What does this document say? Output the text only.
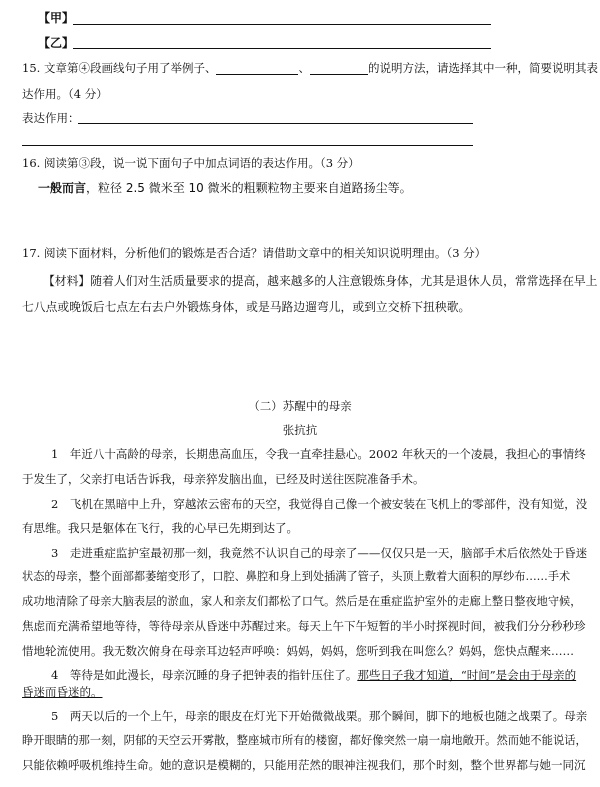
【甲】
【乙】
15. 文章第④段画线句子用了举例子、	、	的说明方法，请选择其中一种，简要说明其表
达作用。（4 分）
表达作用：
16. 阅读第③段，说一说下面句子中加点词语的表达作用。（3 分）
一般而言，粒径 2.5 微米至 10 微米的粗颗粒物主要来自道路扬尘等。
17. 阅读下面材料，分析他们的锻炼是否合适？请借助文章中的相关知识说明理由。（3 分）
【材料】随着人们对生活质量要求的提高，越来越多的人注意锻炼身体，尤其是退休人员，常常选择在早上
七八点或晚饭后七点左右去户外锻炼身体，或是马路边遛弯儿，或到立交桥下扭秧歌。
（二）苏醒中的母亲
张抗抗
1　年近八十高龄的母亲，长期患高血压，令我一直牵挂悬心。2002 年秋天的一个凌晨，我担心的事情终
于发生了，父亲打电话告诉我，母亲猝发脑出血，已经及时送往医院准备手术。
2　飞机在黑暗中上升，穿越浓云密布的天空，我觉得自己像一个被安装在飞机上的零部件，没有知觉，没
有思维。我只是躯体在飞行，我的心早已先期到达了。
3　走进重症监护室最初那一刻，我竟然不认识自己的母亲了——仅仅只是一天，脑部手术后依然处于昏迷
状态的母亲，整个面部都萎缩变形了，口腔、鼻腔和身上到处插满了管子，头顶上敷着大面积的厚纱布……手术
成功地清除了母亲大脑表层的淤血，家人和亲友们都松了口气。然后是在重症监护室外的走廊上整日整夜地守候，
焦虑而充满希望地等待，等待母亲从昏迷中苏醒过来。每天上午下午短暂的半小时探视时间，被我们分分秒秒珍
惜地轮流使用。我无数次俯身在母亲耳边轻声呼唤：妈妈，妈妈，您听到我在叫您么？妈妈，您快点醒来……
4　等待是如此漫长，母亲沉睡的身子把钟表的指针压住了。那些日子我才知道，“时间”是会由于母亲的
昏迷而昏迷的。
5　两天以后的一个上午，母亲的眼皮在灯光下开始微微战栗。那个瞬间，脚下的地板也随之战栗了。母亲
睁开眼睛的那一刻，阴郁的天空云开雾散，整座城市所有的楼窗，都好像突然一扇一扇地敞开。然而她不能说话，
只能依赖呼吸机维持生命。她的意识是模糊的，只能用茫然的眼神注视我们，那个时刻，整个世界都与她一同沉
